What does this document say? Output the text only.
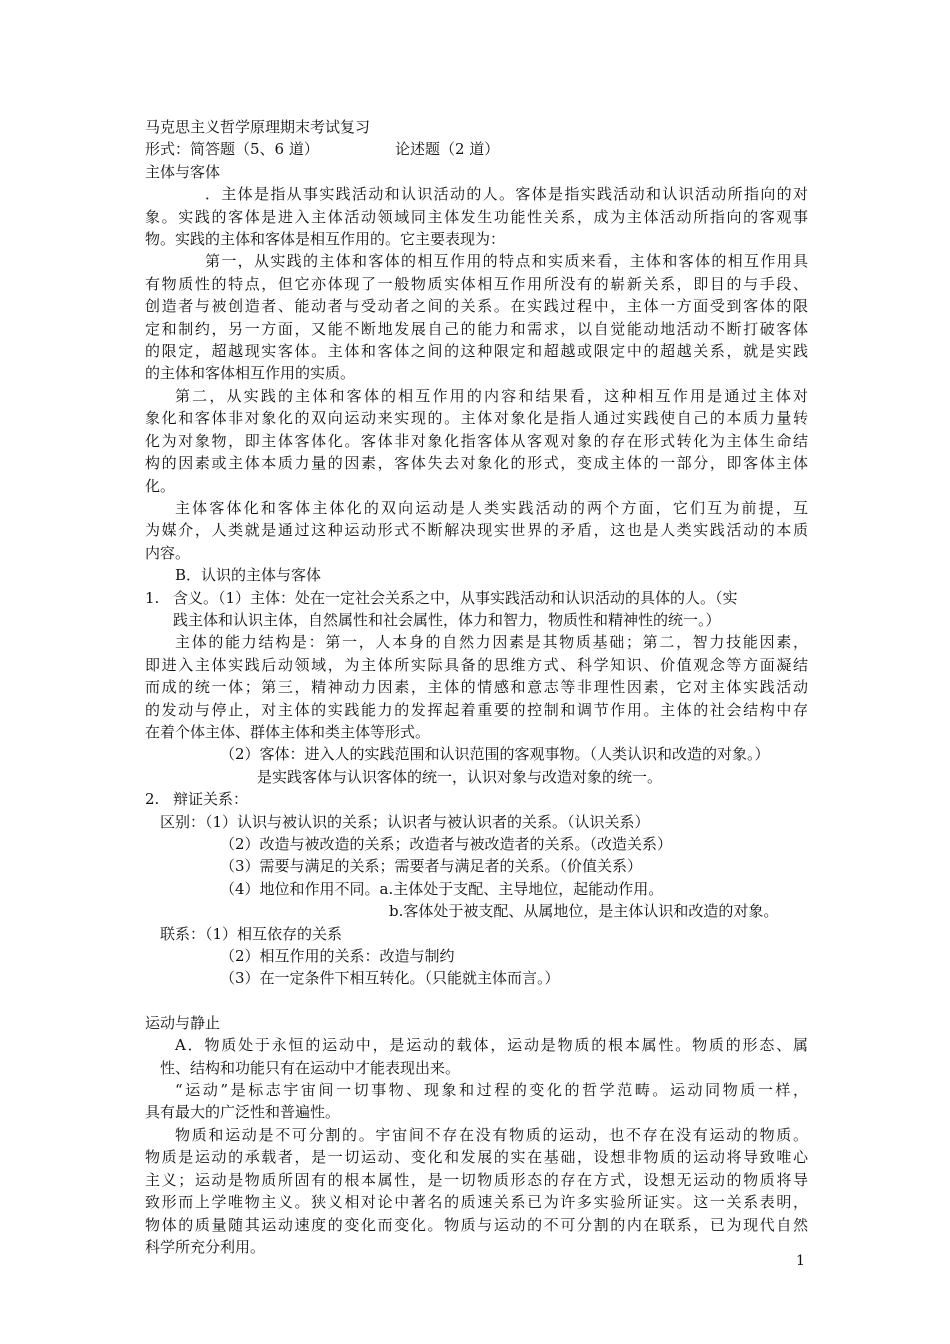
马克思主义哲学原理期末考试复习
形式：简答题（5、6 道）	论述题（2 道）
主体与客体
．主体是指从事实践活动和认识活动的人。客体是指实践活动和认识活动所指向的对
象。实践的客体是进入主体活动领域同主体发生功能性关系，成为主体活动所指向的客观事
物。实践的主体和客体是相互作用的。它主要表现为：
第一，从实践的主体和客体的相互作用的特点和实质来看，主体和客体的相互作用具
有物质性的特点，但它亦体现了一般物质实体相互作用所没有的崭新关系，即目的与手段、
创造者与被创造者、能动者与受动者之间的关系。在实践过程中，主体一方面受到客体的限
定和制约，另一方面，又能不断地发展自己的能力和需求，以自觉能动地活动不断打破客体
的限定，超越现实客体。主体和客体之间的这种限定和超越或限定中的超越关系，就是实践
的主体和客体相互作用的实质。
第二，从实践的主体和客体的相互作用的内容和结果看，这种相互作用是通过主体对
象化和客体非对象化的双向运动来实现的。主体对象化是指人通过实践使自己的本质力量转
化为对象物，即主体客体化。客体非对象化指客体从客观对象的存在形式转化为主体生命结
构的因素或主体本质力量的因素，客体失去对象化的形式，变成主体的一部分，即客体主体
化。
主体客体化和客体主体化的双向运动是人类实践活动的两个方面，它们互为前提，互
为媒介，人类就是通过这种运动形式不断解决现实世界的矛盾，这也是人类实践活动的本质
内容。
B．认识的主体与客体
1. 含义。（1）主体：处在一定社会关系之中，从事实践活动和认识活动的具体的人。（实
践主体和认识主体，自然属性和社会属性，体力和智力，物质性和精神性的统一。）
主体的能力结构是：第一，人本身的自然力因素是其物质基础；第二，智力技能因素，
即进入主体实践后动领域，为主体所实际具备的思维方式、科学知识、价值观念等方面凝结
而成的统一体；第三，精神动力因素，主体的情感和意志等非理性因素，它对主体实践活动
的发动与停止，对主体的实践能力的发挥起着重要的控制和调节作用。主体的社会结构中存
在着个体主体、群体主体和类主体等形式。
（2）客体：进入人的实践范围和认识范围的客观事物。（人类认识和改造的对象。）
是实践客体与认识客体的统一，认识对象与改造对象的统一。
2. 辩证关系：
区别：（1）认识与被认识的关系；认识者与被认识者的关系。（认识关系）
（2）改造与被改造的关系；改造者与被改造者的关系。（改造关系）
（3）需要与满足的关系；需要者与满足者的关系。（价值关系）
（4）地位和作用不同。a.主体处于支配、主导地位，起能动作用。
b.客体处于被支配、从属地位，是主体认识和改造的对象。
联系：（1）相互依存的关系
（2）相互作用的关系：改造与制约
（3）在一定条件下相互转化。（只能就主体而言。）
运动与静止
A．物质处于永恒的运动中，是运动的载体，运动是物质的根本属性。物质的形态、属
性、结构和功能只有在运动中才能表现出来。
“运动”是标志宇宙间一切事物、现象和过程的变化的哲学范畴。运动同物质一样，
具有最大的广泛性和普遍性。
物质和运动是不可分割的。宇宙间不存在没有物质的运动，也不存在没有运动的物质。
物质是运动的承载者，是一切运动、变化和发展的实在基础，设想非物质的运动将导致唯心
主义；运动是物质所固有的根本属性，是一切物质形态的存在方式，设想无运动的物质将导
致形而上学唯物主义。狭义相对论中著名的质速关系已为许多实验所证实。这一关系表明，
物体的质量随其运动速度的变化而变化。物质与运动的不可分割的内在联系，已为现代自然
科学所充分利用。
1
